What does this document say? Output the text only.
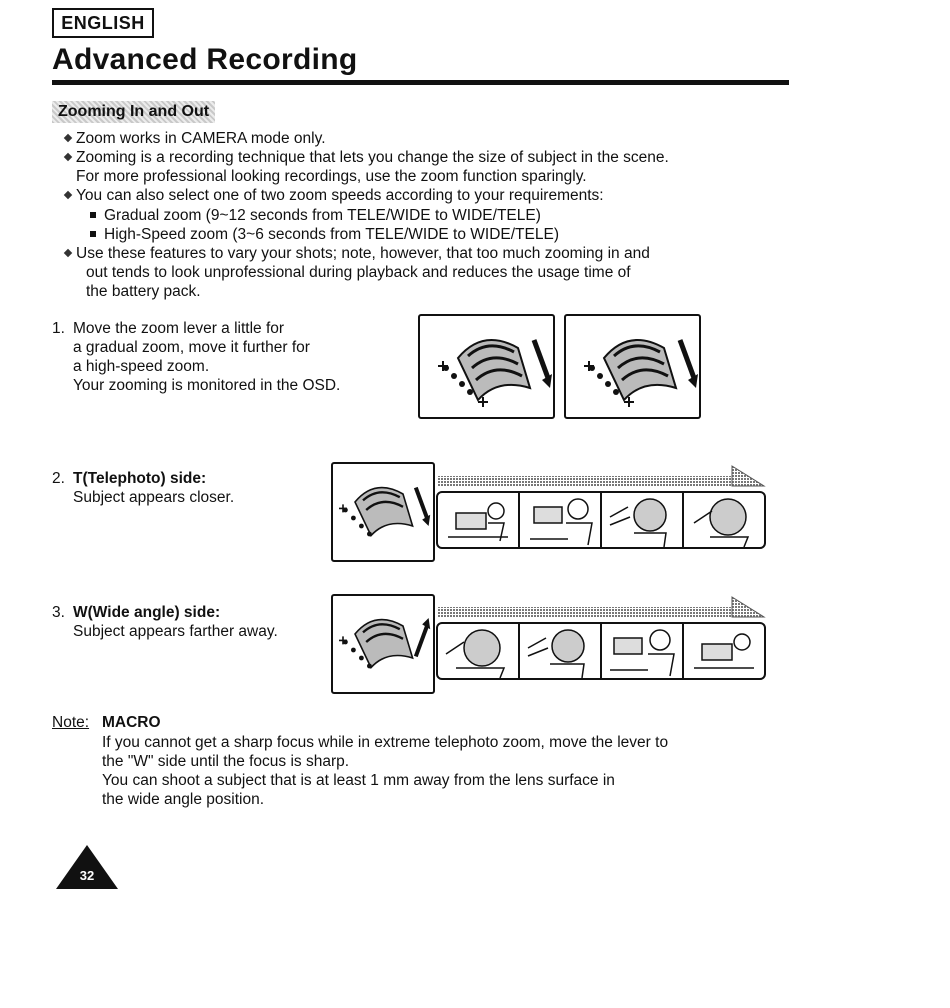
ENGLISH
Advanced Recording
Zooming In and Out
Zoom works in CAMERA mode only.
Zooming is a recording technique that lets you change the size of subject in the scene.
For more professional looking recordings, use the zoom function sparingly.
You can also select one of two zoom speeds according to your requirements:
Gradual zoom (9~12 seconds from TELE/WIDE to WIDE/TELE)
High-Speed zoom (3~6 seconds from TELE/WIDE to WIDE/TELE)
Use these features to vary your shots; note, however, that too much zooming in and
out tends to look unprofessional during playback and reduces the usage time of
the battery pack.
1. Move the zoom lever a little for
a gradual zoom, move it further for
a high-speed zoom.
Your zooming is monitored in the OSD.
2. T(Telephoto) side:
Subject appears closer.
3. W(Wide angle) side:
Subject appears farther away.
Note: MACRO
If you cannot get a sharp focus while in extreme telephoto zoom, move the lever to
the "W" side until the focus is sharp.
You can shoot a subject that is at least 1 mm away from the lens surface in
the wide angle position.
32
